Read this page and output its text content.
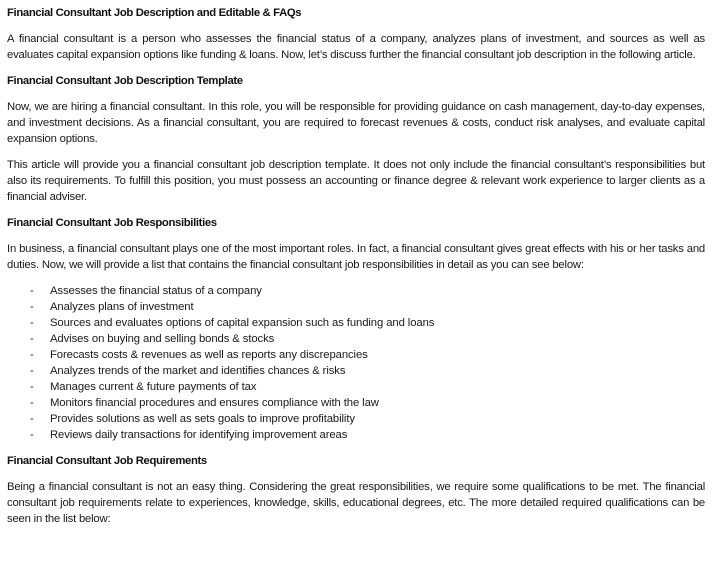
Financial Consultant Job Description and Editable & FAQs

A financial consultant is a person who assesses the financial status of a company, analyzes plans of investment, and sources as well as evaluates capital expansion options like funding & loans. Now, let’s discuss further the financial consultant job description in the following article.

Financial Consultant Job Description Template

Now, we are hiring a financial consultant. In this role, you will be responsible for providing guidance on cash management, day-to-day expenses, and investment decisions. As a financial consultant, you are required to forecast revenues & costs, conduct risk analyses, and evaluate capital expansion options.

This article will provide you a financial consultant job description template. It does not only include the financial consultant’s responsibilities but also its requirements. To fulfill this position, you must possess an accounting or finance degree & relevant work experience to larger clients as a financial adviser.

Financial Consultant Job Responsibilities

In business, a financial consultant plays one of the most important roles. In fact, a financial consultant gives great effects with his or her tasks and duties. Now, we will provide a list that contains the financial consultant job responsibilities in detail as you can see below:

-	Assesses the financial status of a company
-	Analyzes plans of investment
-	Sources and evaluates options of capital expansion such as funding and loans
-	Advises on buying and selling bonds & stocks
-	Forecasts costs & revenues as well as reports any discrepancies
-	Analyzes trends of the market and identifies chances & risks
-	Manages current & future payments of tax
-	Monitors financial procedures and ensures compliance with the law
-	Provides solutions as well as sets goals to improve profitability
-	Reviews daily transactions for identifying improvement areas
Financial Consultant Job Requirements

Being a financial consultant is not an easy thing. Considering the great responsibilities, we require some qualifications to be met. The financial consultant job requirements relate to experiences, knowledge, skills, educational degrees, etc. The more detailed required qualifications can be seen in the list below:
